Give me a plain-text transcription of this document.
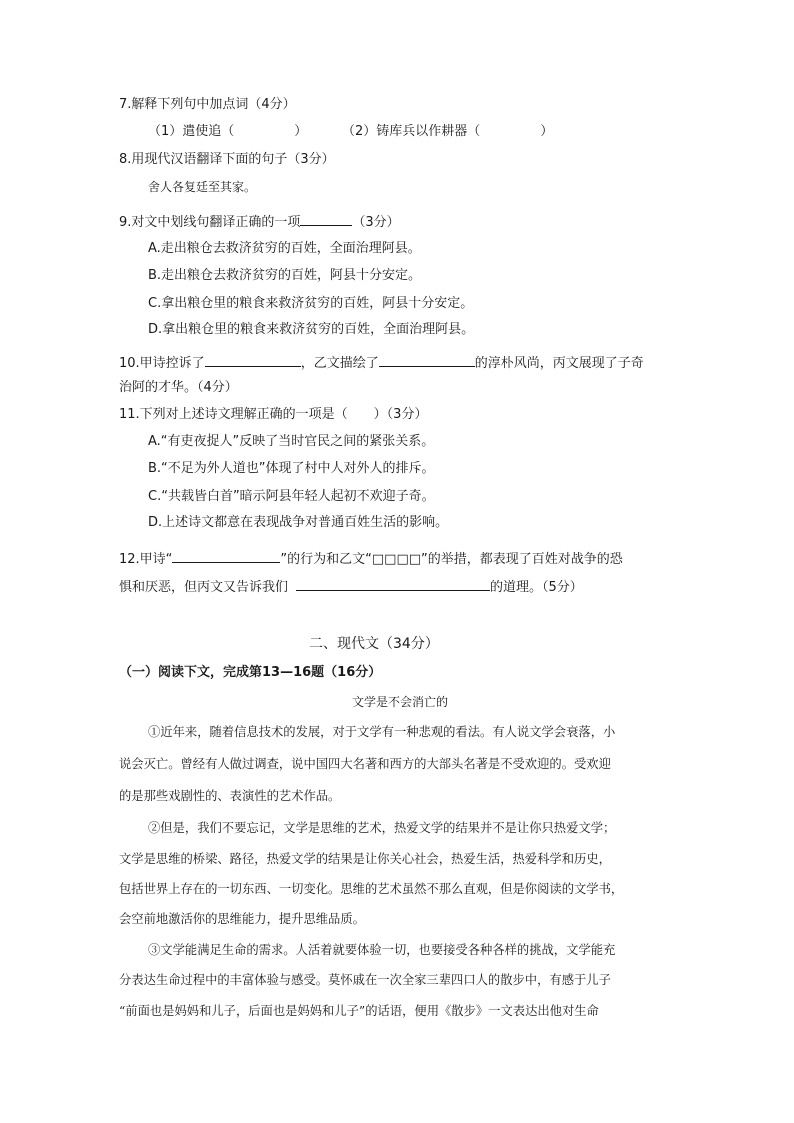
7.解释下列句中加点词（4分）
（1）遣使追（	）	（2）铸库兵以作耕器（	）
8.用现代汉语翻译下面的句子（3分）
舍人各复廷至其家。
9.对文中划线句翻译正确的一项	（3分）
A.走出粮仓去救济贫穷的百姓，全面治理阿县。
B.走出粮仓去救济贫穷的百姓，阿县十分安定。
C.拿出粮仓里的粮食来救济贫穷的百姓，阿县十分安定。
D.拿出粮仓里的粮食来救济贫穷的百姓，全面治理阿县。
10.甲诗控诉了	，乙文描绘了	的淳朴风尚，丙文展现了子奇
治阿的才华。（4分）
11.下列对上述诗文理解正确的一项是（　　）（3分）
A.“有吏夜捉人”反映了当时官民之间的紧张关系。
B.“不足为外人道也”体现了村中人对外人的排斥。
C.“共载皆白首”暗示阿县年轻人起初不欢迎子奇。
D.上述诗文都意在表现战争对普通百姓生活的影响。
12.甲诗“	”的行为和乙文“□□□□”的举措，都表现了百姓对战争的恐
惧和厌恶，但丙文又告诉我们	的道理。（5分）
二、现代文（34分）
（一）阅读下文，完成第13—16题（16分）
文学是不会消亡的
①近年来，随着信息技术的发展，对于文学有一种悲观的看法。有人说文学会衰落，小
说会灭亡。曾经有人做过调查，说中国四大名著和西方的大部头名著是不受欢迎的。受欢迎
的是那些戏剧性的、表演性的艺术作品。
②但是，我们不要忘记，文学是思维的艺术，热爱文学的结果并不是让你只热爱文学；
文学是思维的桥梁、路径，热爱文学的结果是让你关心社会，热爱生活，热爱科学和历史，
包括世界上存在的一切东西、一切变化。思维的艺术虽然不那么直观，但是你阅读的文学书，
会空前地激活你的思维能力，提升思维品质。
③文学能满足生命的需求。人活着就要体验一切，也要接受各种各样的挑战，文学能充
分表达生命过程中的丰富体验与感受。莫怀戚在一次全家三辈四口人的散步中，有感于儿子
“前面也是妈妈和儿子，后面也是妈妈和儿子”的话语，便用《散步》一文表达出他对生命
